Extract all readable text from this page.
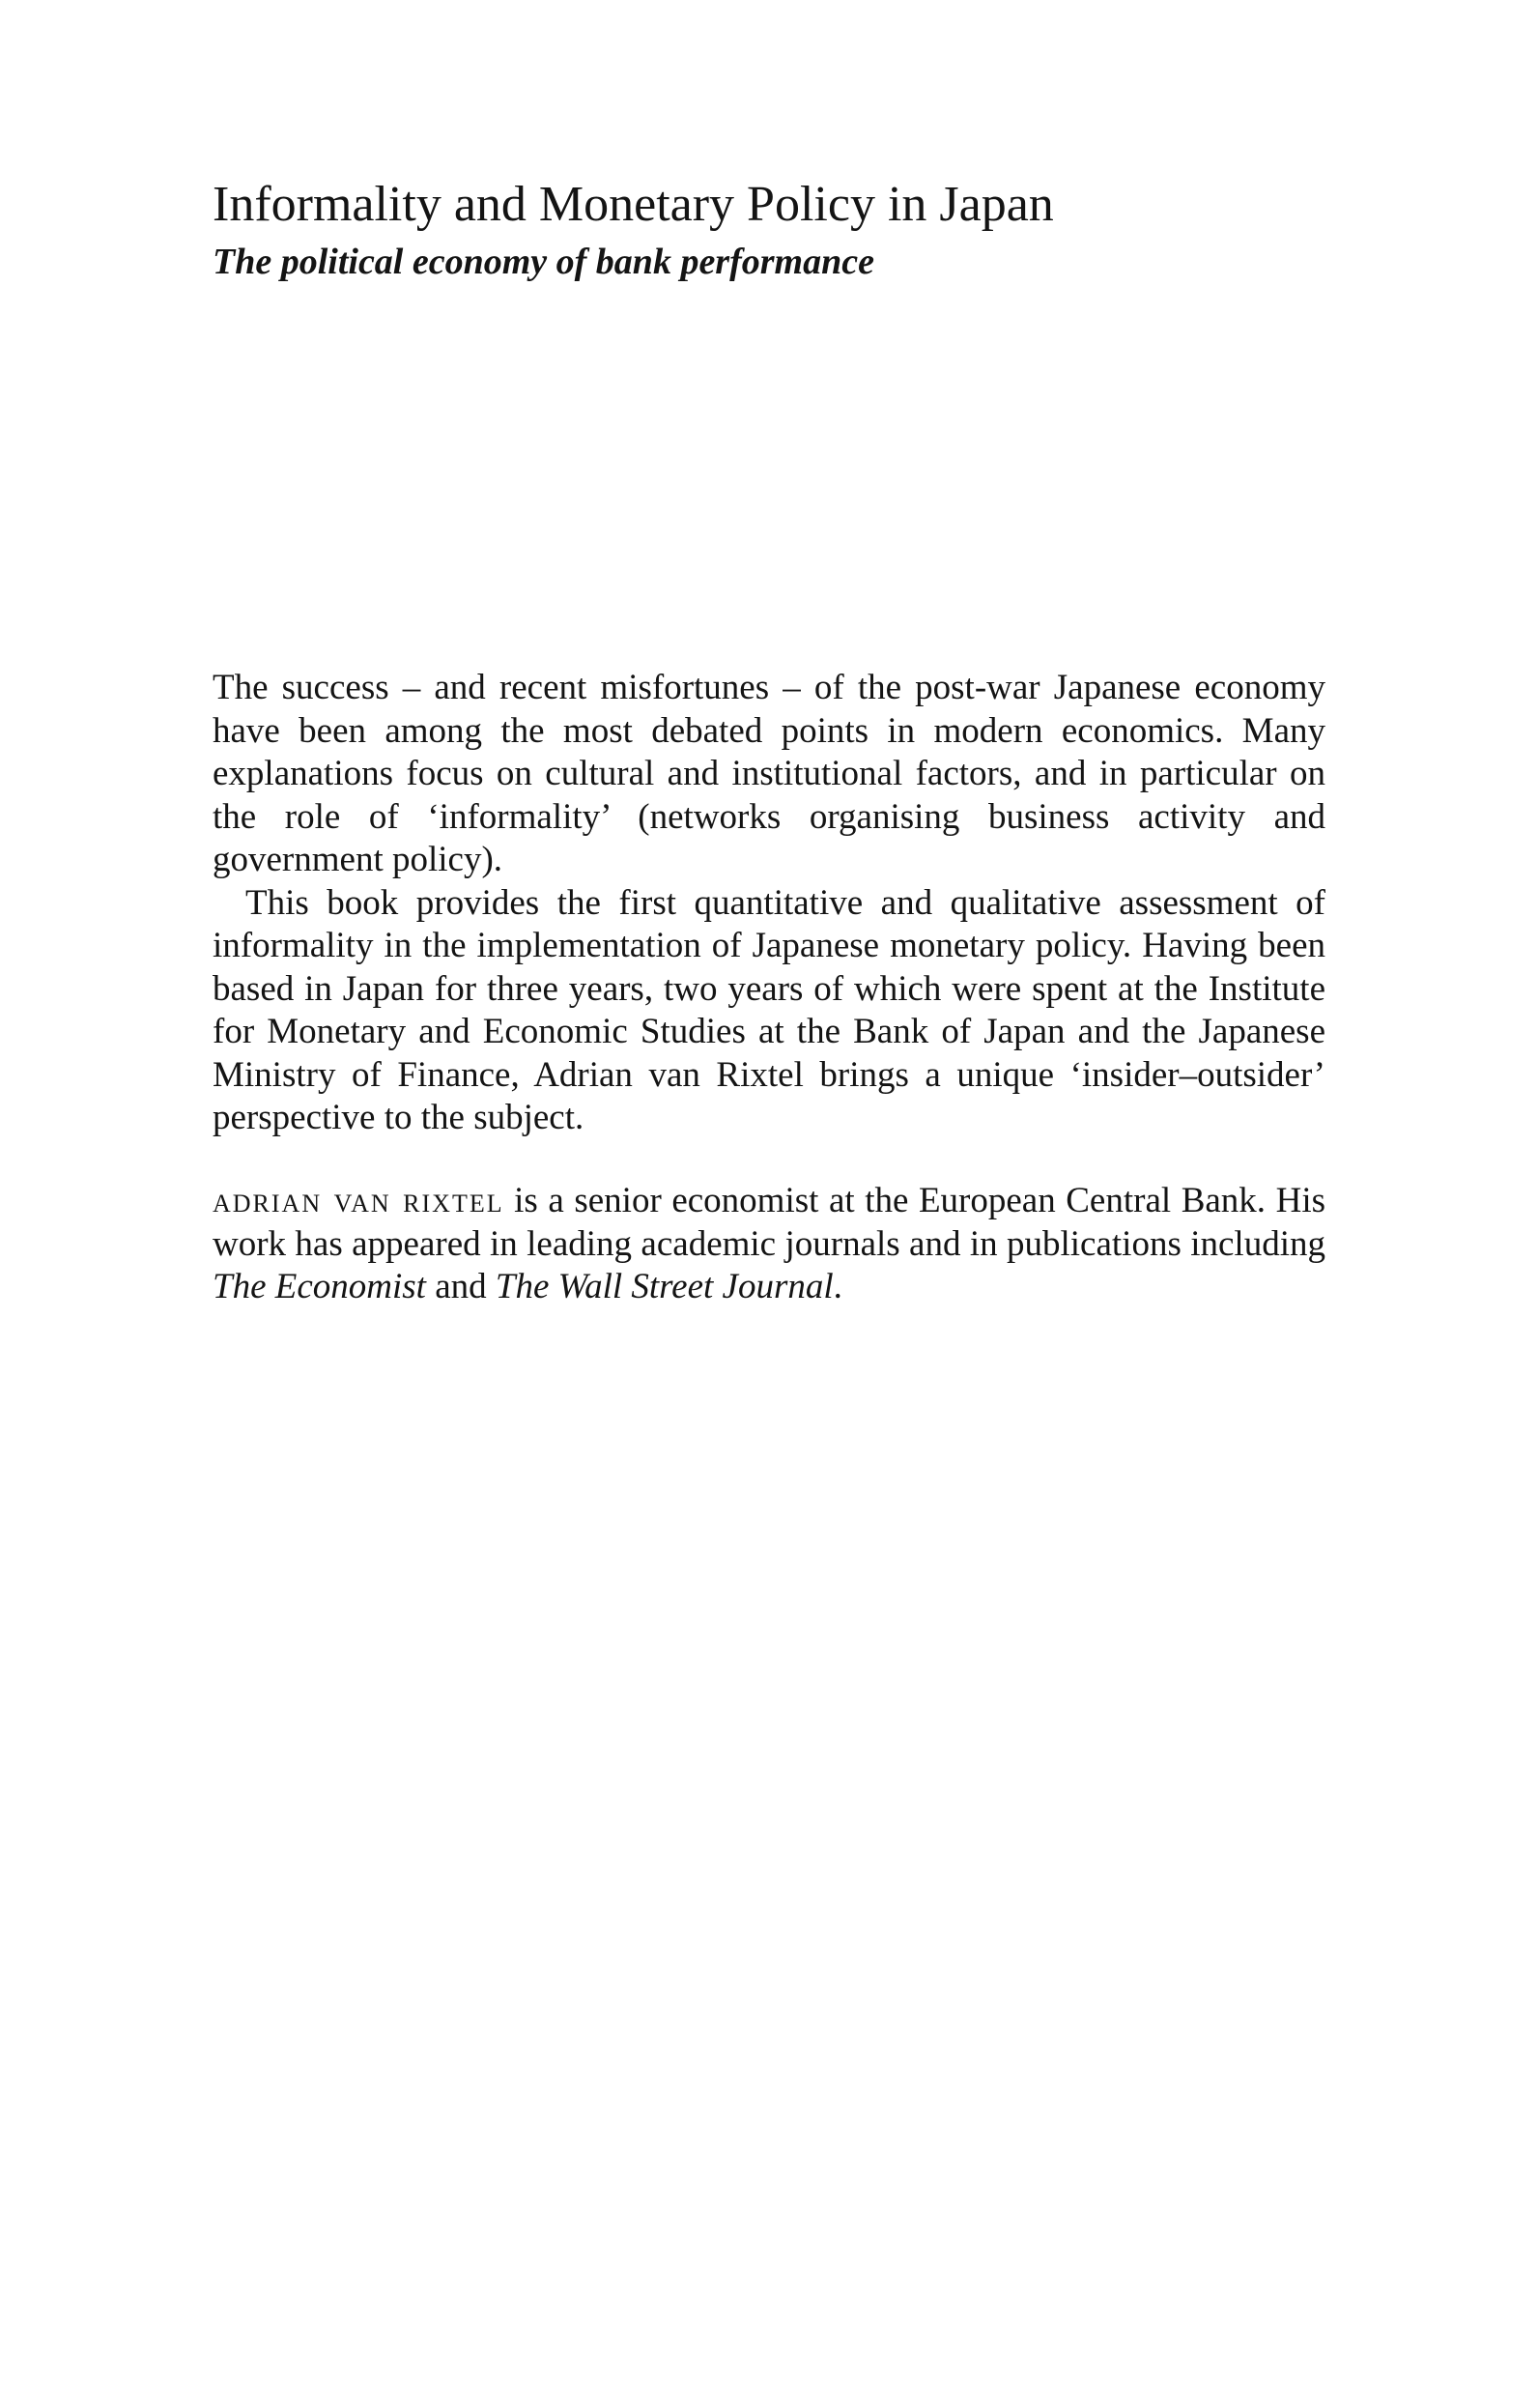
Informality and Monetary Policy in Japan
The political economy of bank performance

The success – and recent misfortunes – of the post-war Japanese economy have been among the most debated points in modern economics. Many explanations focus on cultural and institutional factors, and in particular on the role of ‘informality’ (networks organising business activity and government policy).

This book provides the first quantitative and qualitative assessment of informality in the implementation of Japanese monetary policy. Having been based in Japan for three years, two years of which were spent at the Institute for Monetary and Economic Studies at the Bank of Japan and the Japanese Ministry of Finance, Adrian van Rixtel brings a unique ‘insider–outsider’ perspective to the subject.

adrian van rixtel is a senior economist at the European Central Bank. His work has appeared in leading academic journals and in publications including The Economist and The Wall Street Journal.
